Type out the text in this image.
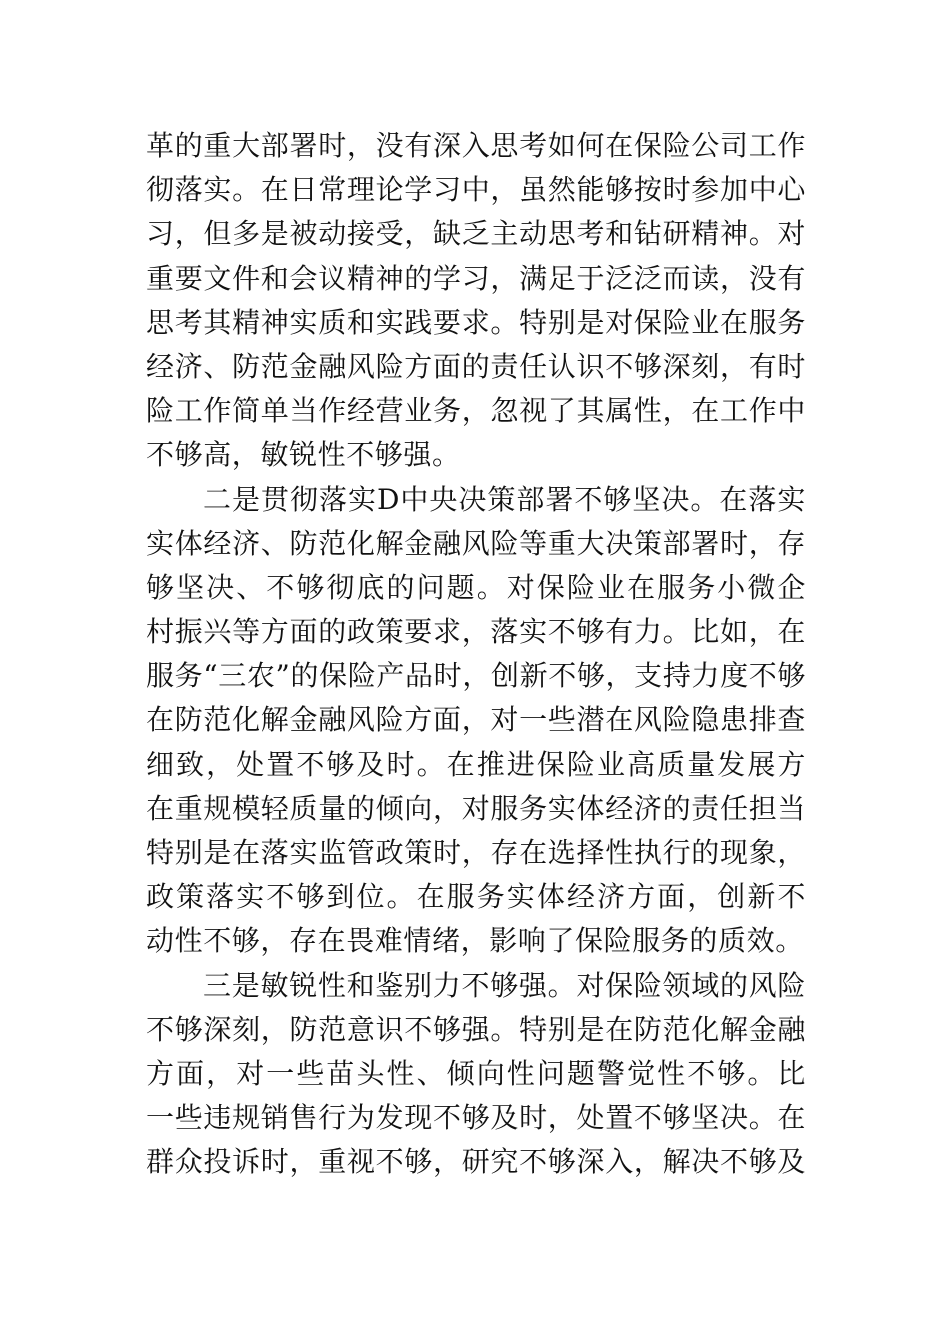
革的重大部署时，没有深入思考如何在保险公司工作
彻落实。在日常理论学习中，虽然能够按时参加中心
习，但多是被动接受，缺乏主动思考和钻研精神。对
重要文件和会议精神的学习，满足于泛泛而读，没有
思考其精神实质和实践要求。特别是对保险业在服务
经济、防范金融风险方面的责任认识不够深刻，有时
险工作简单当作经营业务，忽视了其属性，在工作中
不够高，敏锐性不够强。
二是贯彻落实D中央决策部署不够坚决。在落实
实体经济、防范化解金融风险等重大决策部署时，存
够坚决、不够彻底的问题。对保险业在服务小微企
村振兴等方面的政策要求，落实不够有力。比如，在
服务“三农”的保险产品时，创新不够，支持力度不够
在防范化解金融风险方面，对一些潜在风险隐患排查
细致，处置不够及时。在推进保险业高质量发展方
在重规模轻质量的倾向，对服务实体经济的责任担当
特别是在落实监管政策时，存在选择性执行的现象，
政策落实不够到位。在服务实体经济方面，创新不
动性不够，存在畏难情绪，影响了保险服务的质效。
三是敏锐性和鉴别力不够强。对保险领域的风险
不够深刻，防范意识不够强。特别是在防范化解金融
方面，对一些苗头性、倾向性问题警觉性不够。比
一些违规销售行为发现不够及时，处置不够坚决。在
群众投诉时，重视不够，研究不够深入，解决不够及
